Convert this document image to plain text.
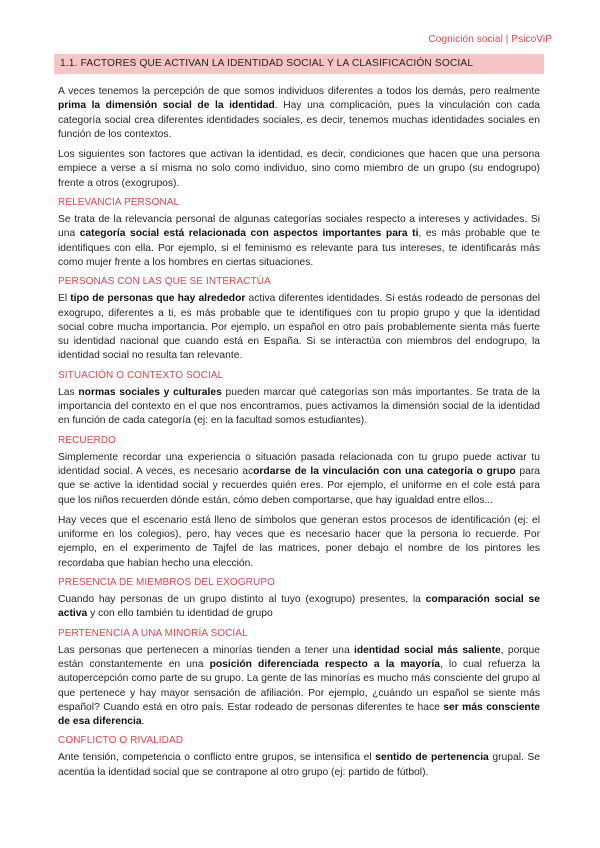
Cognición social | PsicoViP
1.1. FACTORES QUE ACTIVAN LA IDENTIDAD SOCIAL Y LA CLASIFICACIÓN SOCIAL

A veces tenemos la percepción de que somos individuos diferentes a todos los demás, pero realmente prima la dimensión social de la identidad. Hay una complicación, pues la vinculación con cada categoría social crea diferentes identidades sociales, es decir, tenemos muchas identidades sociales en función de los contextos.

Los siguientes son factores que activan la identidad, es decir, condiciones que hacen que una persona empiece a verse a sí misma no solo como individuo, sino como miembro de un grupo (su endogrupo) frente a otros (exogrupos).

RELEVANCIA PERSONAL

Se trata de la relevancia personal de algunas categorías sociales respecto a intereses y actividades. Si una categoría social está relacionada con aspectos importantes para ti, es más probable que te identifiques con ella. Por ejemplo, si el feminismo es relevante para tus intereses, te identificarás más como mujer frente a los hombres en ciertas situaciones.

PERSONAS CON LAS QUE SE INTERACTÚA

El tipo de personas que hay alrededor activa diferentes identidades. Si estás rodeado de personas del exogrupo, diferentes a ti, es más probable que te identifiques con tu propio grupo y que la identidad social cobre mucha importancia. Por ejemplo, un español en otro país probablemente sienta más fuerte su identidad nacional que cuando está en España. Si se interactúa con miembros del endogrupo, la identidad social no resulta tan relevante.

SITUACIÓN O CONTEXTO SOCIAL

Las normas sociales y culturales pueden marcar qué categorías son más importantes. Se trata de la importancia del contexto en el que nos encontramos, pues activamos la dimensión social de la identidad en función de cada categoría (ej: en la facultad somos estudiantes).

RECUERDO

Simplemente recordar una experiencia o situación pasada relacionada con tu grupo puede activar tu identidad social. A veces, es necesario acordarse de la vinculación con una categoría o grupo para que se active la identidad social y recuerdes quién eres. Por ejemplo, el uniforme en el cole está para que los niños recuerden dónde están, cómo deben comportarse, que hay igualdad entre ellos...

Hay veces que el escenario está lleno de símbolos que generan estos procesos de identificación (ej: el uniforme en los colegios), pero, hay veces que es necesario hacer que la persona lo recuerde. Por ejemplo, en el experimento de Tajfel de las matrices, poner debajo el nombre de los pintores les recordaba que habían hecho una elección.

PRESENCIA DE MIEMBROS DEL EXOGRUPO

Cuando hay personas de un grupo distinto al tuyo (exogrupo) presentes, la comparación social se activa y con ello también tu identidad de grupo

PERTENENCIA A UNA MINORÍA SOCIAL

Las personas que pertenecen a minorías tienden a tener una identidad social más saliente, porque están constantemente en una posición diferenciada respecto a la mayoría, lo cual refuerza la autopercepción como parte de su grupo. La gente de las minorías es mucho más consciente del grupo al que pertenece y hay mayor sensación de afiliación. Por ejemplo, ¿cuándo un español se siente más español? Cuando está en otro país. Estar rodeado de personas diferentes te hace ser más consciente de esa diferencia.

CONFLICTO O RIVALIDAD

Ante tensión, competencia o conflicto entre grupos, se intensifica el sentido de pertenencia grupal. Se acentúa la identidad social que se contrapone al otro grupo (ej: partido de fútbol).
